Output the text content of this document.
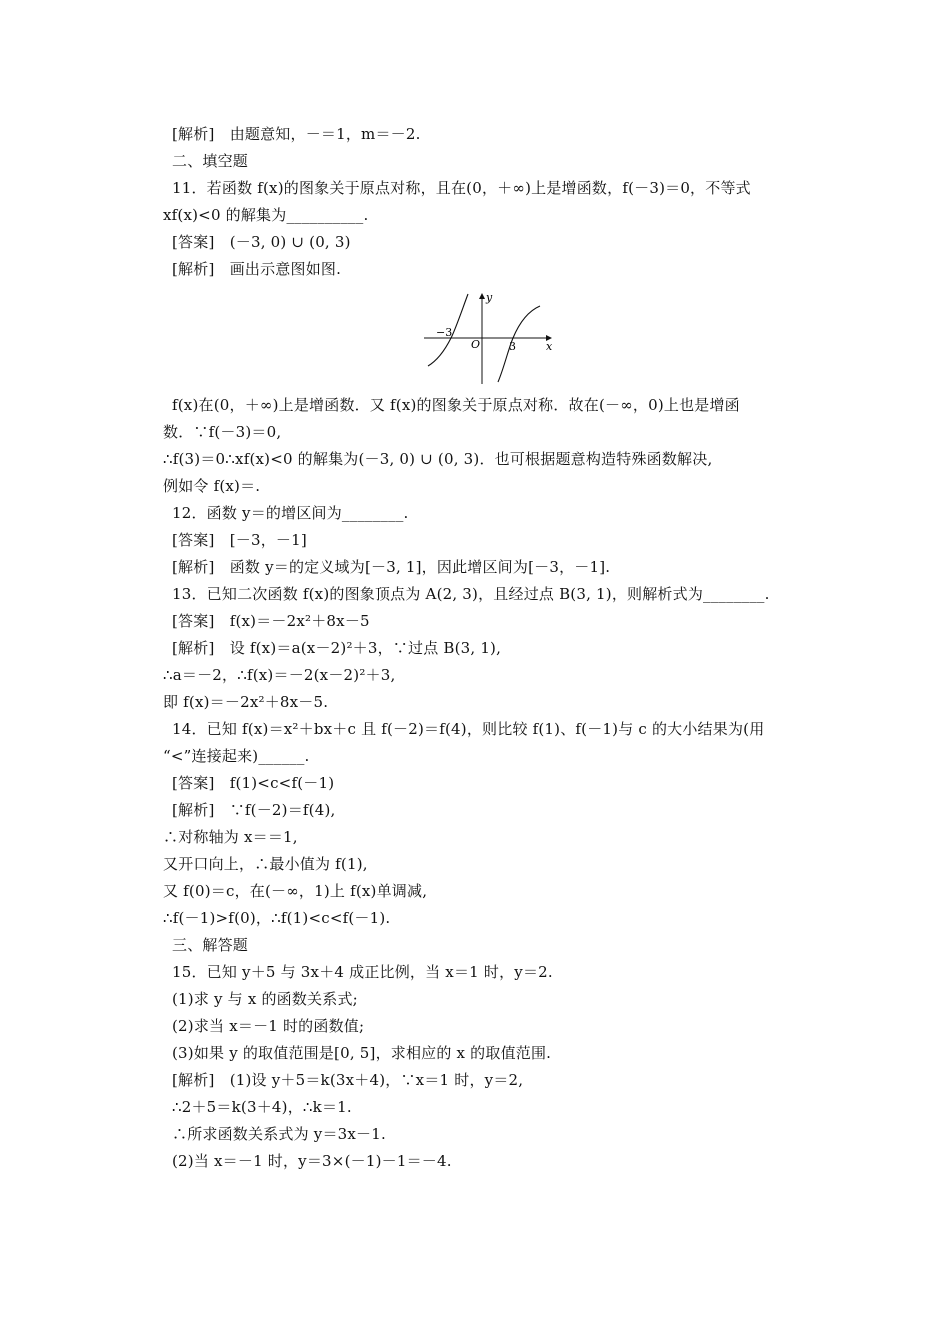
[解析]　由题意知，－＝1，m＝－2.
二、填空题
11．若函数 f(x)的图象关于原点对称，且在(0，＋∞)上是增函数，f(－3)＝0，不等式
xf(x)<0 的解集为__________.
[答案]　(－3, 0) ∪ (0, 3)
[解析]　画出示意图如图.
y
x
O
−3
3
f(x)在(0，＋∞)上是增函数．又 f(x)的图象关于原点对称．故在(－∞，0)上也是增函
数．∵f(－3)＝0,
∴f(3)＝0∴xf(x)<0 的解集为(－3, 0) ∪ (0, 3)．也可根据题意构造特殊函数解决,
例如令 f(x)＝.
12．函数 y＝的增区间为________.
[答案]　[－3，－1]
[解析]　函数 y＝的定义域为[－3, 1]，因此增区间为[－3，－1].
13．已知二次函数 f(x)的图象顶点为 A(2, 3)，且经过点 B(3, 1)，则解析式为________.
[答案]　f(x)＝－2x²＋8x－5
[解析]　设 f(x)＝a(x－2)²＋3，∵过点 B(3, 1),
∴a＝－2，∴f(x)＝－2(x－2)²＋3,
即 f(x)＝－2x²＋8x－5.
14．已知 f(x)＝x²＋bx＋c 且 f(－2)＝f(4)，则比较 f(1)、f(－1)与 c 的大小结果为(用
“<”连接起来)______.
[答案]　f(1)<c<f(－1)
[解析]　∵f(－2)＝f(4),
∴对称轴为 x＝＝1,
又开口向上，∴最小值为 f(1),
又 f(0)＝c，在(－∞，1)上 f(x)单调减,
∴f(－1)>f(0)，∴f(1)<c<f(－1).
三、解答题
15．已知 y＋5 与 3x＋4 成正比例，当 x＝1 时，y＝2.
(1)求 y 与 x 的函数关系式;
(2)求当 x＝－1 时的函数值;
(3)如果 y 的取值范围是[0, 5]，求相应的 x 的取值范围.
[解析]　(1)设 y＋5＝k(3x＋4)，∵x＝1 时，y＝2,
∴2＋5＝k(3＋4)，∴k＝1.
∴所求函数关系式为 y＝3x－1.
(2)当 x＝－1 时，y＝3×(－1)－1＝－4.
